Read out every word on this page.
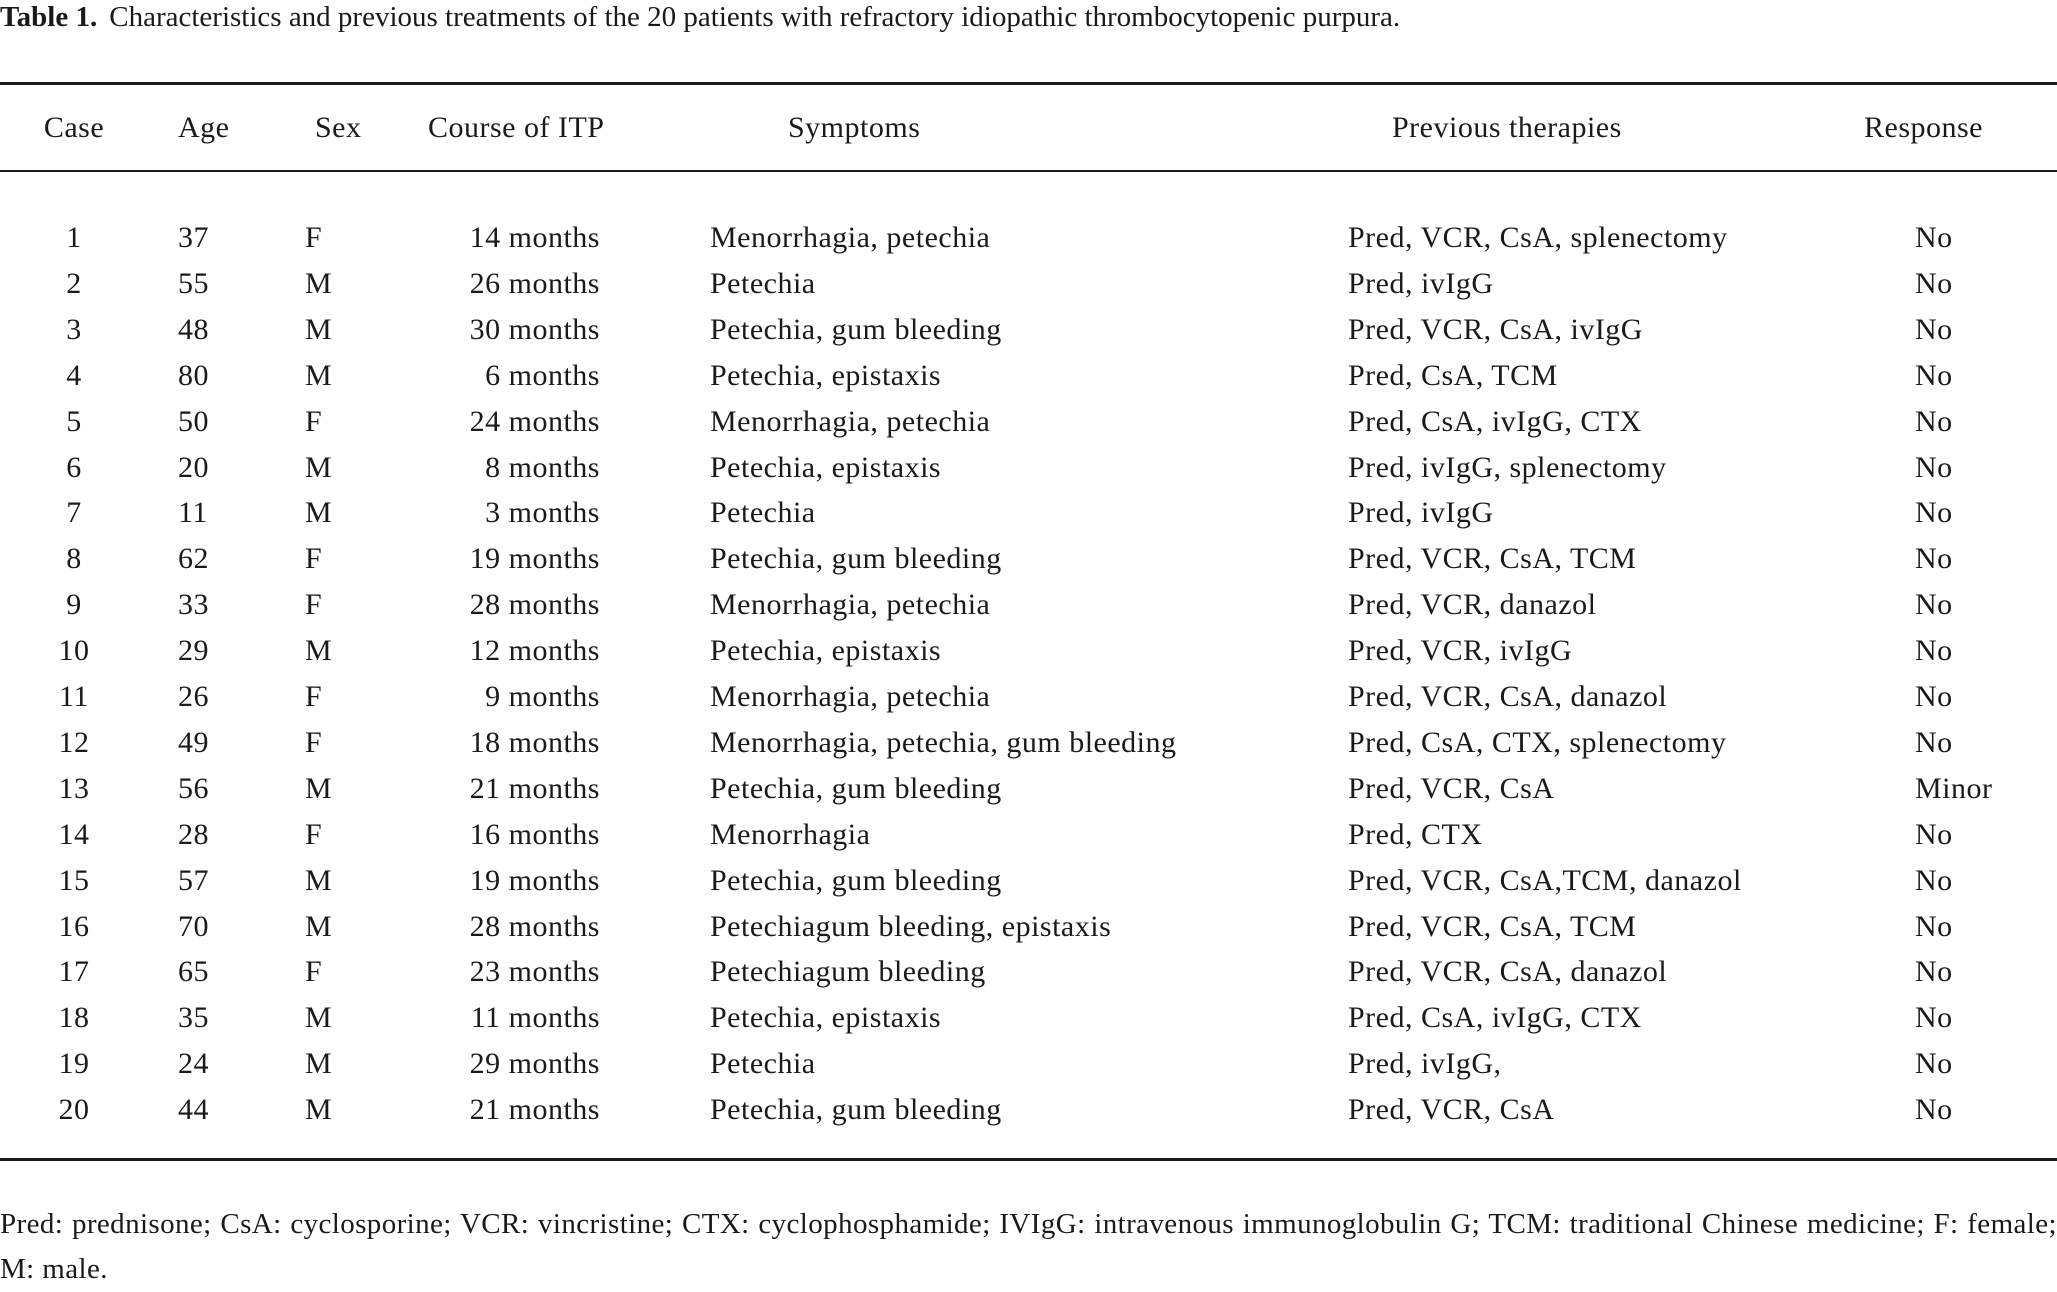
Table 1. Characteristics and previous treatments of the 20 patients with refractory idiopathic thrombocytopenic purpura.
Case	Age	Sex	Course of ITP	Symptoms	Previous therapies	Response
1	37	F	14 months	Menorrhagia, petechia	Pred, VCR, CsA, splenectomy	No
2	55	M	26 months	Petechia	Pred, ivIgG	No
3	48	M	30 months	Petechia, gum bleeding	Pred, VCR, CsA, ivIgG	No
4	80	M	6 months	Petechia, epistaxis	Pred, CsA, TCM	No
5	50	F	24 months	Menorrhagia, petechia	Pred, CsA, ivIgG, CTX	No
6	20	M	8 months	Petechia, epistaxis	Pred, ivIgG, splenectomy	No
7	11	M	3 months	Petechia	Pred, ivIgG	No
8	62	F	19 months	Petechia, gum bleeding	Pred, VCR, CsA, TCM	No
9	33	F	28 months	Menorrhagia, petechia	Pred, VCR, danazol	No
10	29	M	12 months	Petechia, epistaxis	Pred, VCR, ivIgG	No
11	26	F	9 months	Menorrhagia, petechia	Pred, VCR, CsA, danazol	No
12	49	F	18 months	Menorrhagia, petechia, gum bleeding	Pred, CsA, CTX, splenectomy	No
13	56	M	21 months	Petechia, gum bleeding	Pred, VCR, CsA	Minor
14	28	F	16 months	Menorrhagia	Pred, CTX	No
15	57	M	19 months	Petechia, gum bleeding	Pred, VCR, CsA,TCM, danazol	No
16	70	M	28 months	Petechiagum bleeding, epistaxis	Pred, VCR, CsA, TCM	No
17	65	F	23 months	Petechiagum bleeding	Pred, VCR, CsA, danazol	No
18	35	M	11 months	Petechia, epistaxis	Pred, CsA, ivIgG, CTX	No
19	24	M	29 months	Petechia	Pred, ivIgG,	No
20	44	M	21 months	Petechia, gum bleeding	Pred, VCR, CsA	No
Pred: prednisone; CsA: cyclosporine; VCR: vincristine; CTX: cyclophosphamide; IVIgG: intravenous immunoglobulin G; TCM: traditional Chinese medicine; F: female; M: male.
